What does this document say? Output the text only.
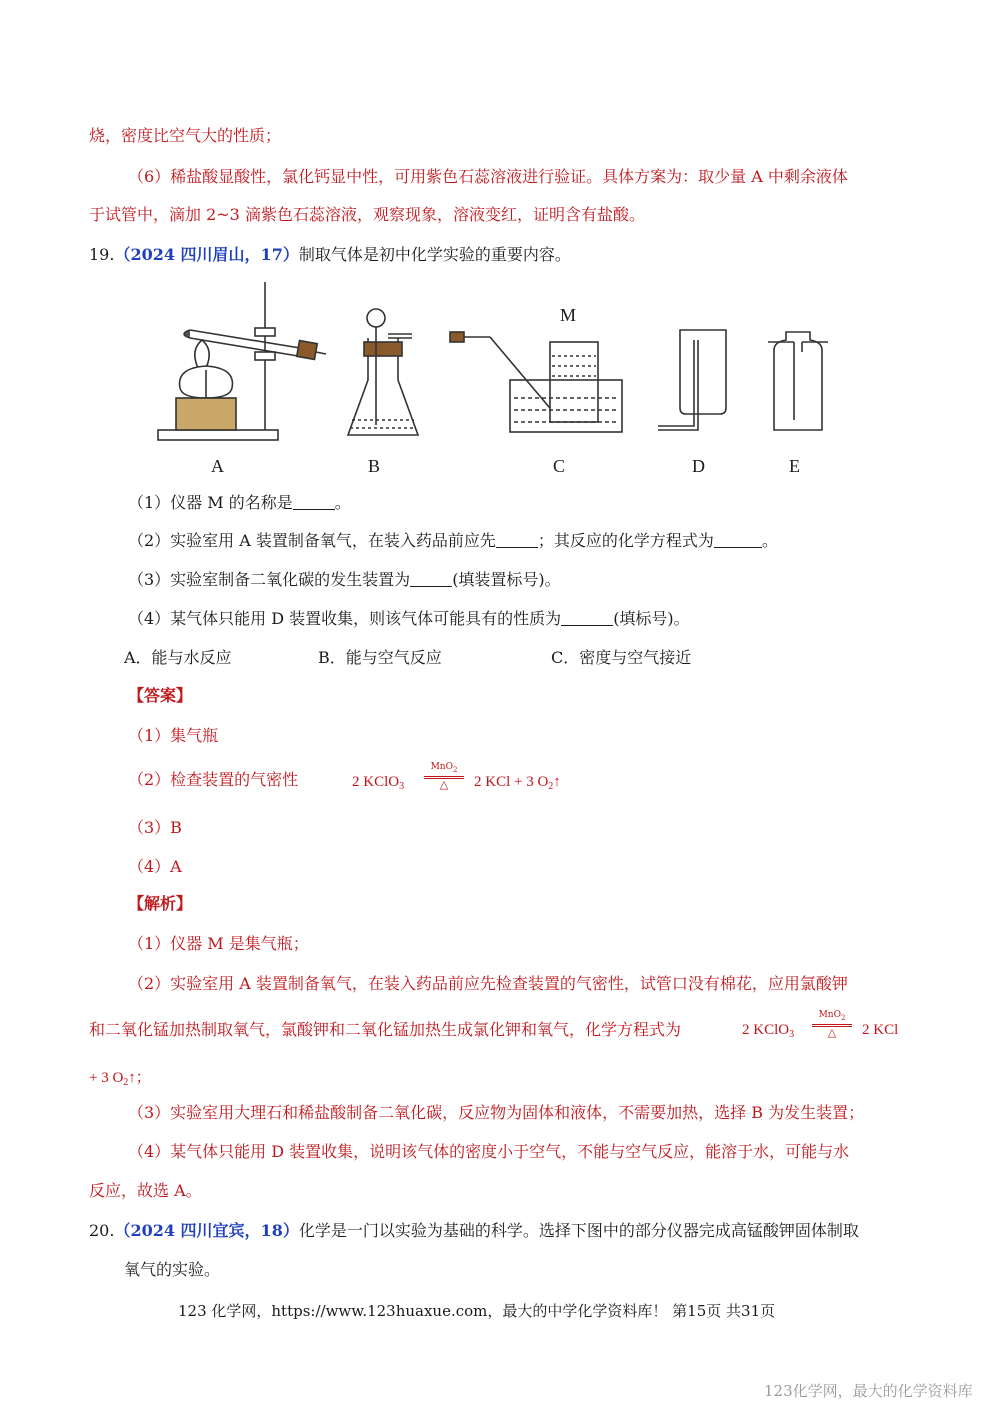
烧，密度比空气大的性质；
（6）稀盐酸显酸性，氯化钙显中性，可用紫色石蕊溶液进行验证。具体方案为：取少量 A 中剩余液体
于试管中，滴加 2~3 滴紫色石蕊溶液，观察现象，溶液变红，证明含有盐酸。
19.（2024 四川眉山，17）制取气体是初中化学实验的重要内容。
M
A	B	C	D	E
（1）仪器 M 的名称是	。
（2）实验室用 A 装置制备氧气，在装入药品前应先	；其反应的化学方程式为	。
（3）实验室制备二氧化碳的发生装置为	(填装置标号)。
（4）某气体只能用 D 装置收集，则该气体可能具有的性质为	(填标号)。
A．能与水反应	B．能与空气反应	C．密度与空气接近
【答案】
（1）集气瓶
（2）检查装置的气密性	2 KClO$_3$
MnO$_2$
△ 2 KCl + 3 $O_2↑$
（3）B
（4）A
【解析】
（1）仪器 M 是集气瓶；
（2）实验室用 A 装置制备氧气，在装入药品前应先检查装置的气密性，试管口没有棉花，应用氯酸钾
和二氧化锰加热制取氧气，氯酸钾和二氧化锰加热生成氯化钾和氧气，化学方程式为	2 KClO$_3$
MnO$_2$
△ 2 KCl
+ 3 $O_2↑$；
（3）实验室用大理石和稀盐酸制备二氧化碳，反应物为固体和液体，不需要加热，选择 B 为发生装置；
（4）某气体只能用 D 装置收集，说明该气体的密度小于空气，不能与空气反应，能溶于水，可能与水
反应，故选 A。
20.（2024 四川宜宾，18）化学是一门以实验为基础的科学。选择下图中的部分仪器完成高锰酸钾固体制取
氧气的实验。
123 化学网，https://www.123huaxue.com，最大的中学化学资料库！ 第15页 共31页
123化学网，最大的化学资料库
